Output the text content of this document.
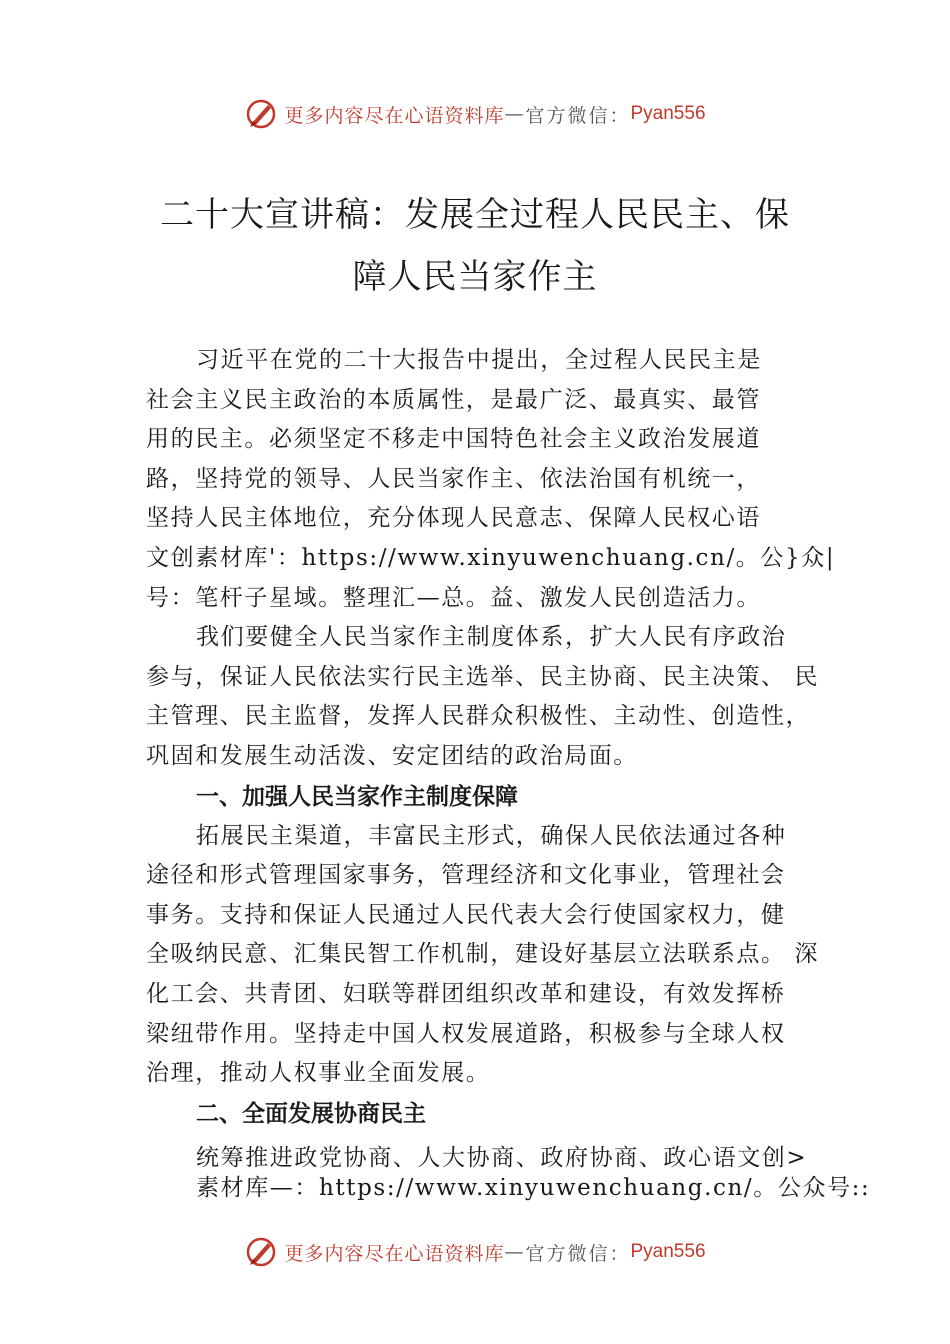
更多内容尽在心语资料库 — 官方微信： Pyan556
二十大宣讲稿：发展全过程人民民主、保
障人民当家作主
习近平在党的二十大报告中提出，全过程人民民主是
社会主义民主政治的本质属性，是最广泛、最真实、最管
用的民主。必须坚定不移走中国特色社会主义政治发展道
路，坚持党的领导、人民当家作主、依法治国有机统一，
坚持人民主体地位，充分体现人民意志、保障人民权心语
文创素材库'：https://www.xinyuwenchuang.cn/。公}众|
号：笔杆子星域。整理汇—总。益、激发人民创造活力。
我们要健全人民当家作主制度体系，扩大人民有序政治
参与，保证人民依法实行民主选举、民主协商、民主决策、 民
主管理、民主监督，发挥人民群众积极性、主动性、创造性，
巩固和发展生动活泼、安定团结的政治局面。
一、加强人民当家作主制度保障
拓展民主渠道，丰富民主形式，确保人民依法通过各种
途径和形式管理国家事务，管理经济和文化事业，管理社会
事务。支持和保证人民通过人民代表大会行使国家权力，健
全吸纳民意、汇集民智工作机制，建设好基层立法联系点。 深
化工会、共青团、妇联等群团组织改革和建设，有效发挥桥
梁纽带作用。坚持走中国人权发展道路，积极参与全球人权
治理，推动人权事业全面发展。
二、全面发展协商民主
统筹推进政党协商、人大协商、政府协商、政心语文创>
素材库—：https://www.xinyuwenchuang.cn/。公众号::
更多内容尽在心语资料库 — 官方微信： Pyan556
